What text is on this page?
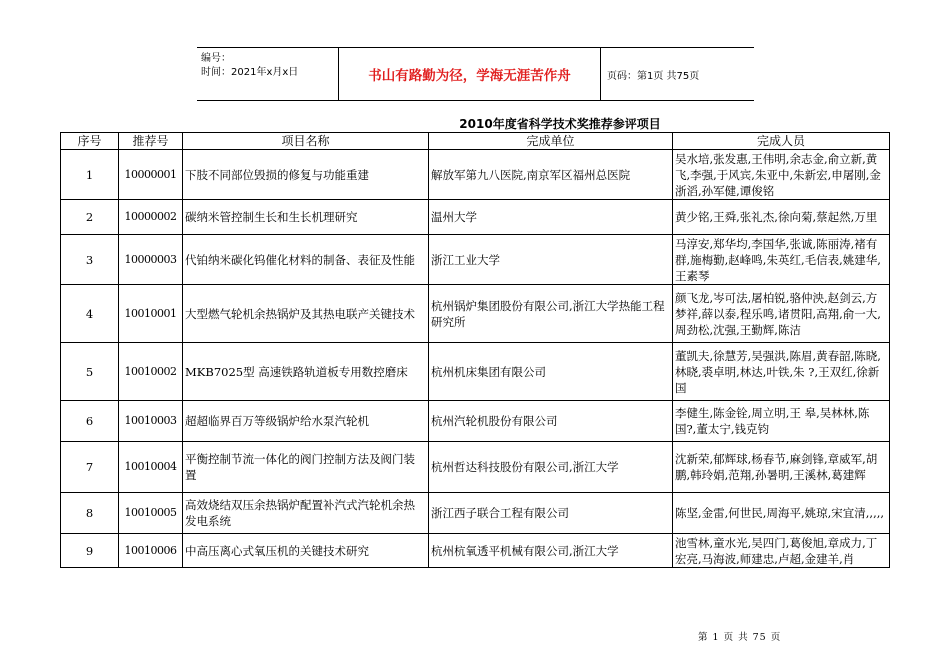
编号：
时间：2021年x月x日	书山有路勤为径，学海无涯苦作舟	页码：第1页 共75页
2010年度省科学技术奖推荐参评项目
序号	推荐号	项目名称	完成单位	完成人员
1	10000001	下肢不同部位毁损的修复与功能重建	解放军第九八医院,南京军区福州总医院	吴水培,张发惠,王伟明,余志金,俞立新,黄飞,李强,于风宾,朱亚中,朱新宏,申屠刚,金浙滔,孙军健,谭俊铭
2	10000002	碳纳米管控制生长和生长机理研究	温州大学	黄少铭,王舜,张礼杰,徐向菊,蔡起然,万里
3	10000003	代铂纳米碳化钨催化材料的制备、表征及性能	浙江工业大学	马淳安,郑华均,李国华,张诚,陈丽涛,褚有群,施梅勤,赵峰鸣,朱英红,毛信表,姚建华,王素琴
4	10010001	大型燃气轮机余热锅炉及其热电联产关键技术	杭州锅炉集团股份有限公司,浙江大学热能工程研究所	颜飞龙,岑可法,屠柏锐,骆仲泱,赵剑云,方梦祥,薛以泰,程乐鸣,诸贯阳,高翔,俞一大,周劲松,沈强,王勤辉,陈洁
5	10010002	MKB7025型 高速铁路轨道板专用数控磨床	杭州机床集团有限公司	董凯夫,徐慧芳,吴强洪,陈眉,黄春韶,陈晓,林晓,裘卓明,林达,叶铁,朱 ?,王双红,徐新国
6	10010003	超超临界百万等级锅炉给水泵汽轮机	杭州汽轮机股份有限公司	李健生,陈金铨,周立明,王 皋,吴林林,陈国?,董太宁,钱克钧
7	10010004	平衡控制节流一体化的阀门控制方法及阀门装置	杭州哲达科技股份有限公司,浙江大学	沈新荣,郁辉球,杨春节,麻剑锋,章威军,胡鹏,韩玲娟,范翔,孙暑明,王溪林,葛建辉
8	10010005	高效烧结双压余热锅炉配置补汽式汽轮机余热发电系统	浙江西子联合工程有限公司	陈坚,金雷,何世民,周海平,姚琼,宋宜清,,,,,
9	10010006	中高压离心式氧压机的关键技术研究	杭州杭氧透平机械有限公司,浙江大学	池雪林,童水光,吴四门,葛俊旭,章成力,丁宏亮,马海波,师建忠,卢超,金建羊,肖
第 1 页 共 75 页
